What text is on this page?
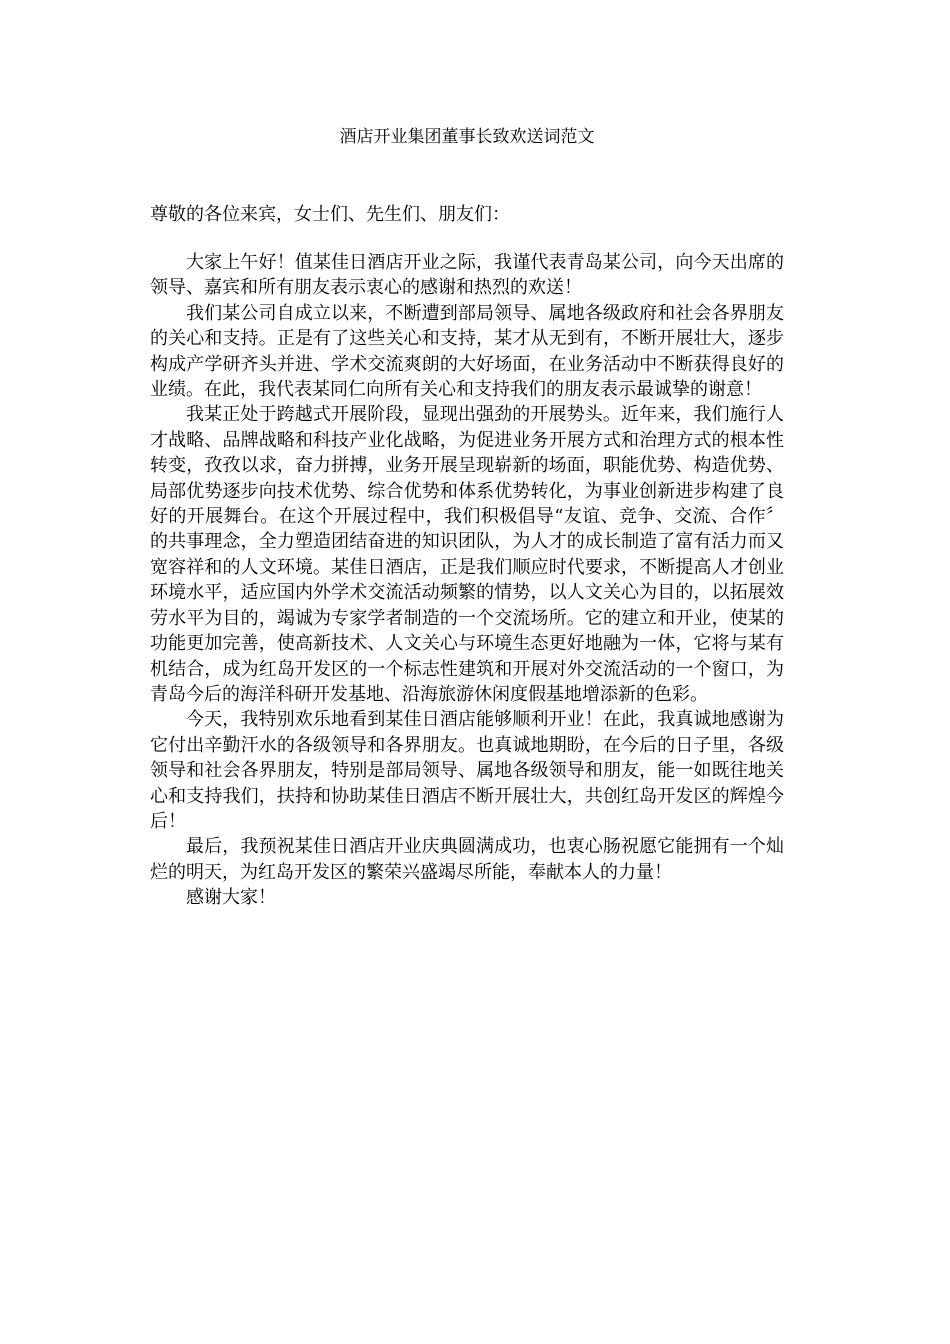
酒店开业集团董事长致欢送词范文

尊敬的各位来宾，女士们、先生们、朋友们：

大家上午好！值某佳日酒店开业之际，我谨代表青岛某公司，向今天出席的领导、嘉宾和所有朋友表示衷心的感谢和热烈的欢送！

我们某公司自成立以来，不断遭到部局领导、属地各级政府和社会各界朋友的关心和支持。正是有了这些关心和支持，某才从无到有，不断开展壮大，逐步构成产学研齐头并进、学术交流爽朗的大好场面，在业务活动中不断获得良好的业绩。在此，我代表某同仁向所有关心和支持我们的朋友表示最诚挚的谢意！

我某正处于跨越式开展阶段，显现出强劲的开展势头。近年来，我们施行人才战略、品牌战略和科技产业化战略，为促进业务开展方式和治理方式的根本性转变，孜孜以求，奋力拼搏，业务开展呈现崭新的场面，职能优势、构造优势、局部优势逐步向技术优势、综合优势和体系优势转化，为事业创新进步构建了良好的开展舞台。在这个开展过程中，我们积极倡导“友谊、竞争、交流、合作〞的共事理念，全力塑造团结奋进的知识团队，为人才的成长制造了富有活力而又宽容祥和的人文环境。某佳日酒店，正是我们顺应时代要求，不断提高人才创业环境水平，适应国内外学术交流活动频繁的情势，以人文关心为目的，以拓展效劳水平为目的，竭诚为专家学者制造的一个交流场所。它的建立和开业，使某的功能更加完善，使高新技术、人文关心与环境生态更好地融为一体，它将与某有机结合，成为红岛开发区的一个标志性建筑和开展对外交流活动的一个窗口，为青岛今后的海洋科研开发基地、沿海旅游休闲度假基地增添新的色彩。

今天，我特别欢乐地看到某佳日酒店能够顺利开业！在此，我真诚地感谢为它付出辛勤汗水的各级领导和各界朋友。也真诚地期盼，在今后的日子里，各级领导和社会各界朋友，特别是部局领导、属地各级领导和朋友，能一如既往地关心和支持我们，扶持和协助某佳日酒店不断开展壮大，共创红岛开发区的辉煌今后！

最后，我预祝某佳日酒店开业庆典圆满成功，也衷心肠祝愿它能拥有一个灿烂的明天，为红岛开发区的繁荣兴盛竭尽所能，奉献本人的力量！

感谢大家！
